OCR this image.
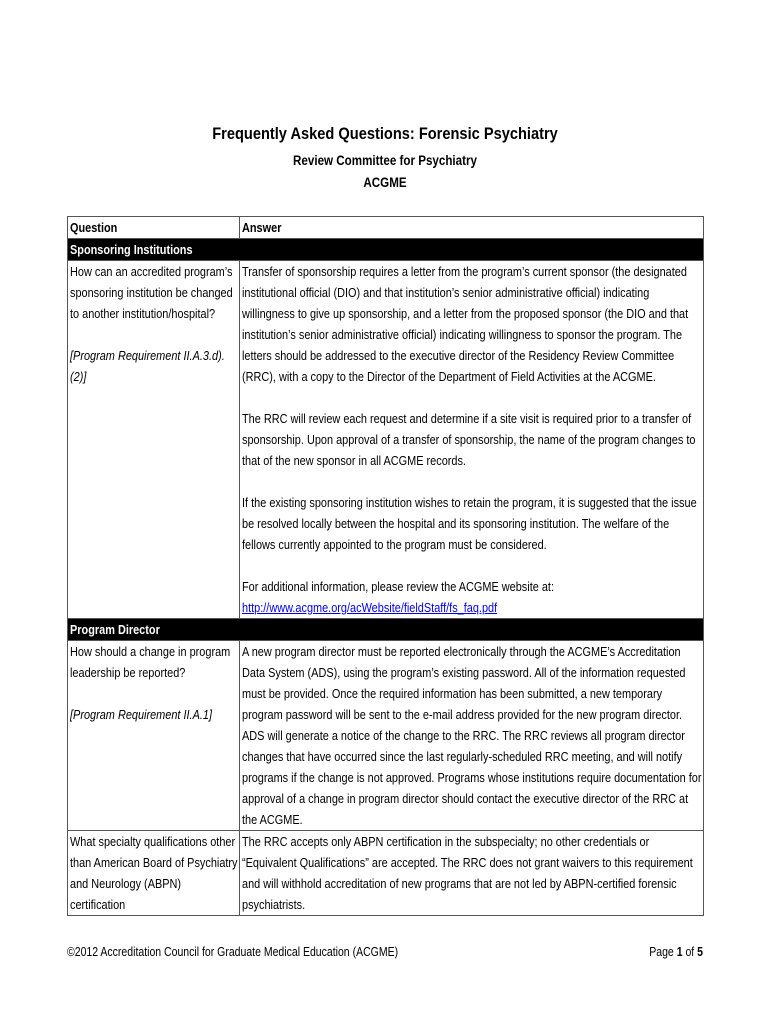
Frequently Asked Questions: Forensic Psychiatry
Review Committee for Psychiatry
ACGME
Question	Answer

Sponsoring Institutions	

How can an accredited program’s sponsoring institution be changed to another institution/hospital?
[Program Requirement II.A.3.d).(2)]	Transfer of sponsorship requires a letter from the program’s current sponsor (the designated institutional official (DIO) and that institution’s senior administrative official) indicating willingness to give up sponsorship, and a letter from the proposed sponsor (the DIO and that institution’s senior administrative official) indicating willingness to sponsor the program. The letters should be addressed to the executive director of the Residency Review Committee (RRC), with a copy to the Director of the Department of Field Activities at the ACGME.
The RRC will review each request and determine if a site visit is required prior to a transfer of sponsorship. Upon approval of a transfer of sponsorship, the name of the program changes to that of the new sponsor in all ACGME records.
If the existing sponsoring institution wishes to retain the program, it is suggested that the issue be resolved locally between the hospital and its sponsoring institution. The welfare of the fellows currently appointed to the program must be considered.
For additional information, please review the ACGME website at:
http://www.acgme.org/acWebsite/fieldStaff/fs_faq.pdf

Program Director	

How should a change in program leadership be reported?
[Program Requirement II.A.1]	A new program director must be reported electronically through the ACGME’s Accreditation Data System (ADS), using the program’s existing password. All of the information requested must be provided. Once the required information has been submitted, a new temporary program password will be sent to the e-mail address provided for the new program director. ADS will generate a notice of the change to the RRC. The RRC reviews all program director changes that have occurred since the last regularly-scheduled RRC meeting, and will notify programs if the change is not approved. Programs whose institutions require documentation for approval of a change in program director should contact the executive director of the RRC at the ACGME.

What specialty qualifications other than American Board of Psychiatry and Neurology (ABPN) certification	The RRC accepts only ABPN certification in the subspecialty; no other credentials or “Equivalent Qualifications” are accepted. The RRC does not grant waivers to this requirement and will withhold accreditation of new programs that are not led by ABPN-certified forensic psychiatrists.
©2012 Accreditation Council for Graduate Medical Education (ACGME)	Page 1 of 5
